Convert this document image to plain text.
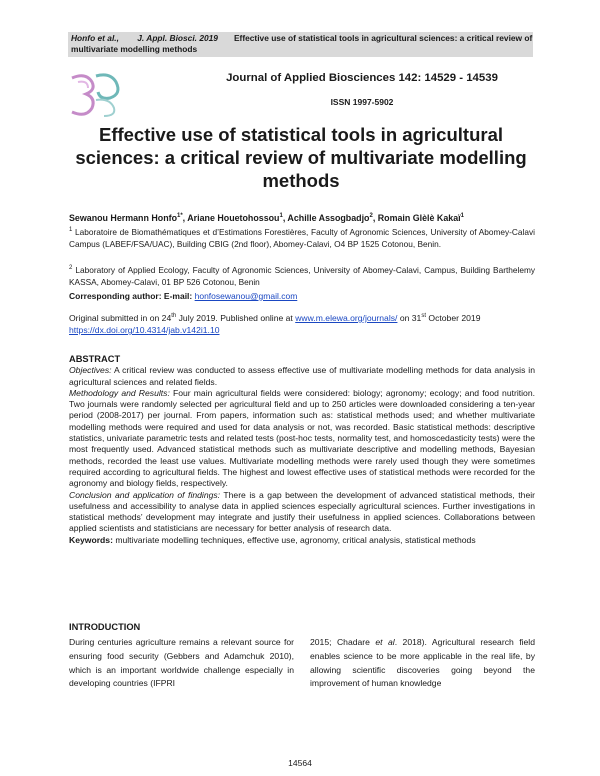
Honfo et al., J. Appl. Biosci. 2019	Effective use of statistical tools in agricultural sciences: a critical review of
multivariate modelling methods
Journal of Applied Biosciences 142: 14529 - 14539
ISSN 1997-5902
Effective use of statistical tools in agricultural sciences: a critical review of multivariate modelling methods
Sewanou Hermann Honfo$^{1*}$, Ariane Houetohossou$^1$, Achille Assogbadjo$^2$, Romain Glèlè Kakaï$^1$
$^1$ Laboratoire de Biomathématiques et d’Estimations Forestières, Faculty of Agronomic Sciences, University of Abomey-Calavi Campus (LABEF/FSA/UAC), Building CBIG (2nd floor), Abomey-Calavi, O4 BP 1525 Cotonou, Benin.
$^2$ Laboratory of Applied Ecology, Faculty of Agronomic Sciences, University of Abomey-Calavi, Campus, Building Barthelemy KASSA, Abomey-Calavi, 01 BP 526 Cotonou, Benin
Corresponding author: E-mail: honfosewanou@gmail.com
Original submitted in on 24th July 2019. Published online at www.m.elewa.org/journals/ on 31st October 2019
https://dx.doi.org/10.4314/jab.v142i1.10
ABSTRACT

Objectives: A critical review was conducted to assess effective use of multivariate modelling methods for data analysis in agricultural sciences and related fields.

Methodology and Results: Four main agricultural fields were considered: biology; agronomy; ecology; and food nutrition. Two journals were randomly selected per agricultural field and up to 250 articles were downloaded considering a ten-year period (2008-2017) per journal. From papers, information such as: statistical methods used; and whether multivariate modelling methods were required and used for data analysis or not, was recorded. Basic statistical methods: descriptive statistics, univariate parametric tests and related tests (post-hoc tests, normality test, and homoscedasticity tests) were the most frequently used. Advanced statistical methods such as multivariate descriptive and modelling methods, Bayesian methods, recorded the least use values. Multivariate modelling methods were rarely used though they were sometimes required according to agricultural fields. The highest and lowest effective uses of statistical methods were recorded for the agronomy and biology fields, respectively.

Conclusion and application of findings: There is a gap between the development of advanced statistical methods, their usefulness and accessibility to analyse data in applied sciences especially agricultural sciences. Further investigations in statistical methods’ development may integrate and justify their usefulness in applied sciences. Collaborations between applied scientists and statisticians are necessary for better analysis of research data.

Keywords: multivariate modelling techniques, effective use, agronomy, critical analysis, statistical methods

INTRODUCTION
During centuries agriculture remains a relevant source for ensuring food security (Gebbers and Adamchuk 2010), which is an important worldwide challenge especially in developing countries (IFPRI
2015; Chadare et al. 2018). Agricultural research field enables science to be more applicable in the real life, by allowing scientific discoveries going beyond the improvement of human knowledge
14564
